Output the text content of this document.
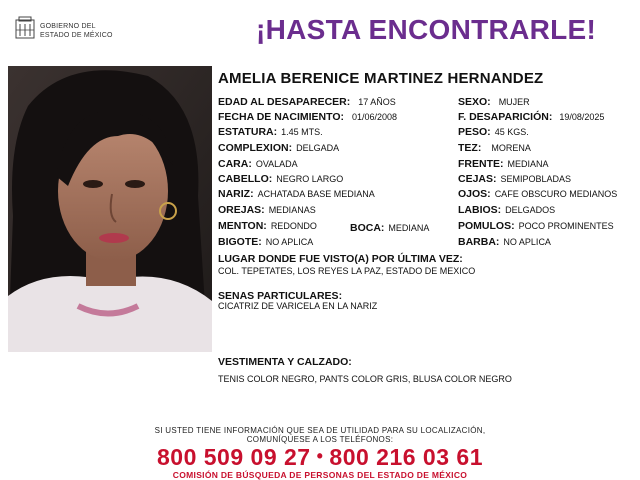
GOBIERNO DEL
ESTADO DE MÉXICO	¡HASTA ENCONTRARLE!
AMELIA BERENICE MARTINEZ HERNANDEZ
EDAD AL DESAPARECER: 17 AÑOS
FECHA DE NACIMIENTO: 01/06/2008
ESTATURA: 1.45 MTS.
COMPLEXION: DELGADA
CARA: OVALADA
CABELLO: NEGRO LARGO
NARIZ: ACHATADA BASE MEDIANA
OREJAS: MEDIANAS
MENTON: REDONDO	BOCA: MEDIANA
BIGOTE: NO APLICA
SEXO: MUJER
F. DESAPARICIÓN: 19/08/2025
PESO: 45 KGS.
TEZ: MORENA
FRENTE: MEDIANA
CEJAS: SEMIPOBLADAS
OJOS: CAFE OBSCURO MEDIANOS
LABIOS: DELGADOS
POMULOS: POCO PROMINENTES
BARBA: NO APLICA
LUGAR DONDE FUE VISTO(A) POR ÚLTIMA VEZ:
COL. TEPETATES, LOS REYES LA PAZ, ESTADO DE MEXICO
SENAS PARTICULARES:
CICATRIZ DE VARICELA EN LA NARIZ
VESTIMENTA Y CALZADO:
TENIS COLOR NEGRO, PANTS COLOR GRIS, BLUSA COLOR NEGRO
SI USTED TIENE INFORMACIÓN QUE SEA DE UTILIDAD PARA SU LOCALIZACIÓN,
COMUNÍQUESE A LOS TELÉFONOS:
800 509 09 27 • 800 216 03 61
COMISIÓN DE BÚSQUEDA DE PERSONAS DEL ESTADO DE MÉXICO
